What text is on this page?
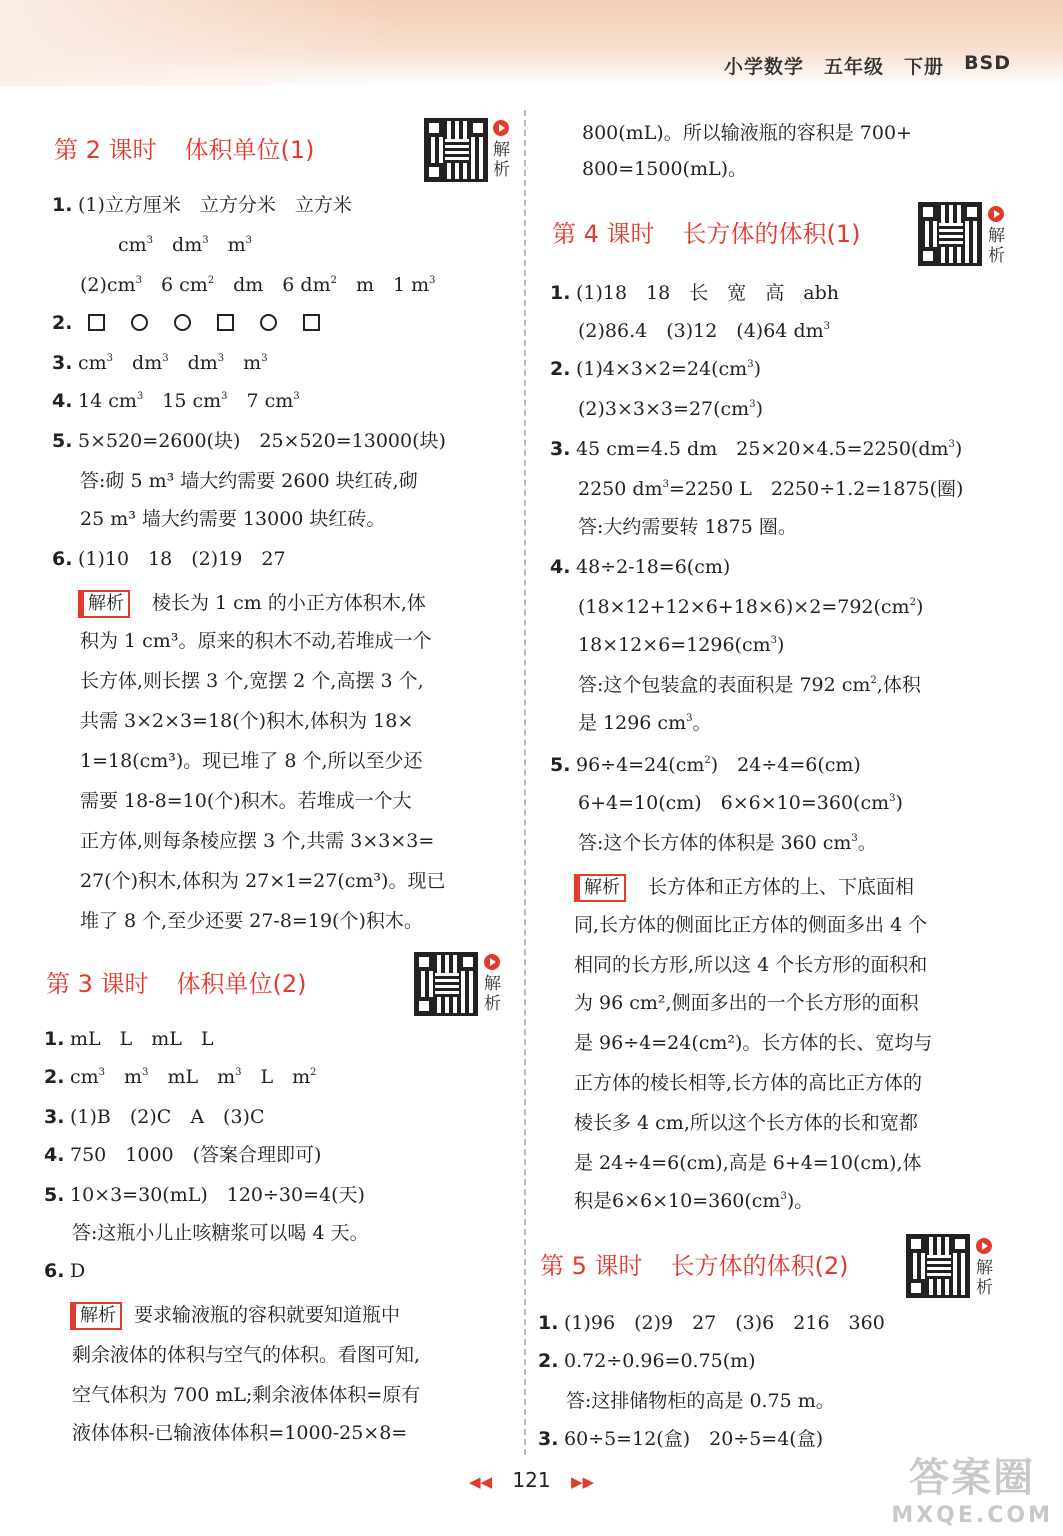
小学数学 五年级 下册 BSD
第 2 课时 体积单位(1)	解析
1. (1)立方厘米　立方分米　立方米
$cm^3$　$dm^3$　$m^3$
$(2)cm^3$　6 $cm^2$　dm　6 $dm^2$　m　1 $m^3$
2.
3. $cm^3$　$dm^3$　$dm^3$　$m^3$
4. 14 $cm^3$　15 $cm^3$　7 $cm^3$
5. 5×520=2600(块)　25×520=13000(块)
答:砌 5 m³ 墙大约需要 2600 块红砖,砌
25 m³ 墙大约需要 13000 块红砖。
6. (1)10　18　(2)19　27
解析 棱长为 1 cm 的小正方体积木,体
积为 1 cm³。原来的积木不动,若堆成一个
长方体,则长摆 3 个,宽摆 2 个,高摆 3 个,
共需 3×2×3=18(个)积木,体积为 18×
1=18(cm³)。现已堆了 8 个,所以至少还
需要 18-8=10(个)积木。若堆成一个大
正方体,则每条棱应摆 3 个,共需 3×3×3=
27(个)积木,体积为 27×1=27(cm³)。现已
堆了 8 个,至少还要 27-8=19(个)积木。
第 3 课时 体积单位(2)	解析
1. mL　L　mL　L
2. $cm^3$　$m^3$　mL　$m^3$　L　$m^2$
3. (1)B　(2)C　A　(3)C
4. 750　1000　(答案合理即可)
5. 10×3=30(mL)　120÷30=4(天)
答:这瓶小儿止咳糖浆可以喝 4 天。
6. D
解析 要求输液瓶的容积就要知道瓶中
剩余液体的体积与空气的体积。看图可知,
空气体积为 700 mL;剩余液体体积=原有
液体体积-已输液体体积=1000-25×8=
800(mL)。所以输液瓶的容积是 700+
800=1500(mL)。
第 4 课时 长方体的体积(1)	解析
1. (1)18　18　长　宽　高　abh
(2)86.4　(3)12　(4)64 $dm^3$
2. $(1)4\times 3\times 2=24(cm^3)$
$(2)3\times 3\times 3=27(cm^3)$
3. 45 cm=4.5 dm　$25\times 20\times 4.5=2250(dm^3)$
2250 $dm^3=2250$ L　2250÷1.2=1875(圈)
答:大约需要转 1875 圈。
4. 48÷2-18=6(cm)
$(18\times 12+12\times 6+18\times 6)\times 2=792(cm^2)$
$18\times 12\times 6=1296(cm^3)$
答:这个包装盒的表面积是 792 $cm^2$,体积
是 1296 $cm^3$。
5. $96\div 4=24(cm^2)$　24÷4=6(cm)
6+4=10(cm)　$6\times 6\times 10=360(cm^3)$
答:这个长方体的体积是 360 $cm^3$。
解析 长方体和正方体的上、下底面相
同,长方体的侧面比正方体的侧面多出 4 个
相同的长方形,所以这 4 个长方形的面积和
为 96 cm²,侧面多出的一个长方形的面积
是 96÷4=24(cm²)。长方体的长、宽均与
正方体的棱长相等,长方体的高比正方体的
棱长多 4 cm,所以这个长方体的长和宽都
是 24÷4=6(cm),高是 6+4=10(cm),体
积是$6\times 6\times 10=360(cm^3)$。
第 5 课时 长方体的体积(2)	解析
1. (1)96　(2)9　27　(3)6　216　360
2. 0.72÷0.96=0.75(m)
答:这排储物柜的高是 0.75 m。
3. 60÷5=12(盒)　20÷5=4(盒)
◀◀ 121 ▶▶	答案圈
MXQE.COM
